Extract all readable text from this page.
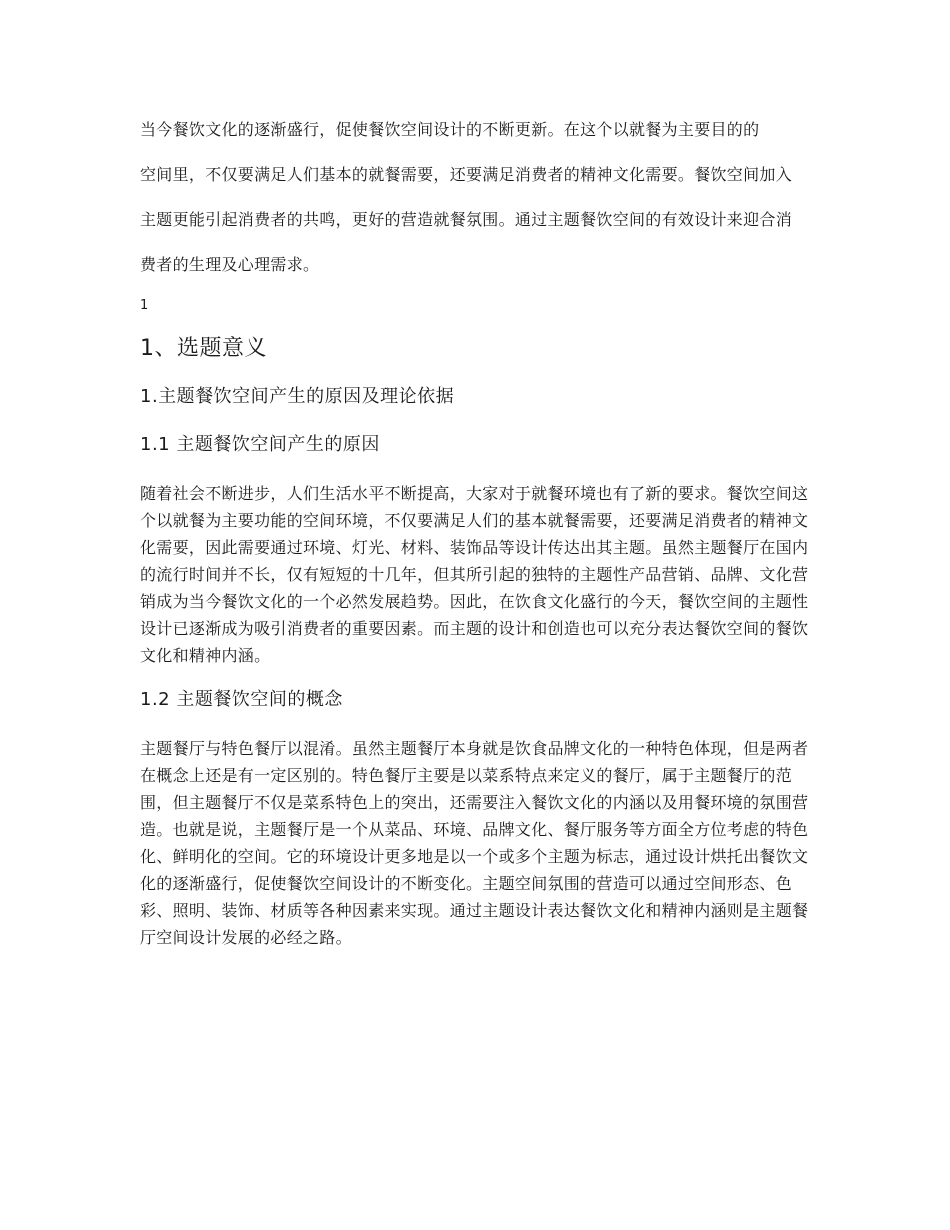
当今餐饮文化的逐渐盛行，促使餐饮空间设计的不断更新。在这个以就餐为主要目的的

空间里，不仅要满足人们基本的就餐需要，还要满足消费者的精神文化需要。餐饮空间加入

主题更能引起消费者的共鸣，更好的营造就餐氛围。通过主题餐饮空间的有效设计来迎合消

费者的生理及心理需求。

1

1、选题意义
1.主题餐饮空间产生的原因及理论依据
1.1 主题餐饮空间产生的原因

随着社会不断进步，人们生活水平不断提高，大家对于就餐环境也有了新的要求。餐饮空间这个以就餐为主要功能的空间环境，不仅要满足人们的基本就餐需要，还要满足消费者的精神文化需要，因此需要通过环境、灯光、材料、装饰品等设计传达出其主题。虽然主题餐厅在国内的流行时间并不长，仅有短短的十几年，但其所引起的独特的主题性产品营销、品牌、文化营销成为当今餐饮文化的一个必然发展趋势。因此，在饮食文化盛行的今天，餐饮空间的主题性设计已逐渐成为吸引消费者的重要因素。而主题的设计和创造也可以充分表达餐饮空间的餐饮文化和精神内涵。

1.2 主题餐饮空间的概念

主题餐厅与特色餐厅以混淆。虽然主题餐厅本身就是饮食品牌文化的一种特色体现，但是两者在概念上还是有一定区别的。特色餐厅主要是以菜系特点来定义的餐厅，属于主题餐厅的范围，但主题餐厅不仅是菜系特色上的突出，还需要注入餐饮文化的内涵以及用餐环境的氛围营造。也就是说，主题餐厅是一个从菜品、环境、品牌文化、餐厅服务等方面全方位考虑的特色化、鲜明化的空间。它的环境设计更多地是以一个或多个主题为标志，通过设计烘托出餐饮文化的逐渐盛行，促使餐饮空间设计的不断变化。主题空间氛围的营造可以通过空间形态、色彩、照明、装饰、材质等各种因素来实现。通过主题设计表达餐饮文化和精神内涵则是主题餐厅空间设计发展的必经之路。
